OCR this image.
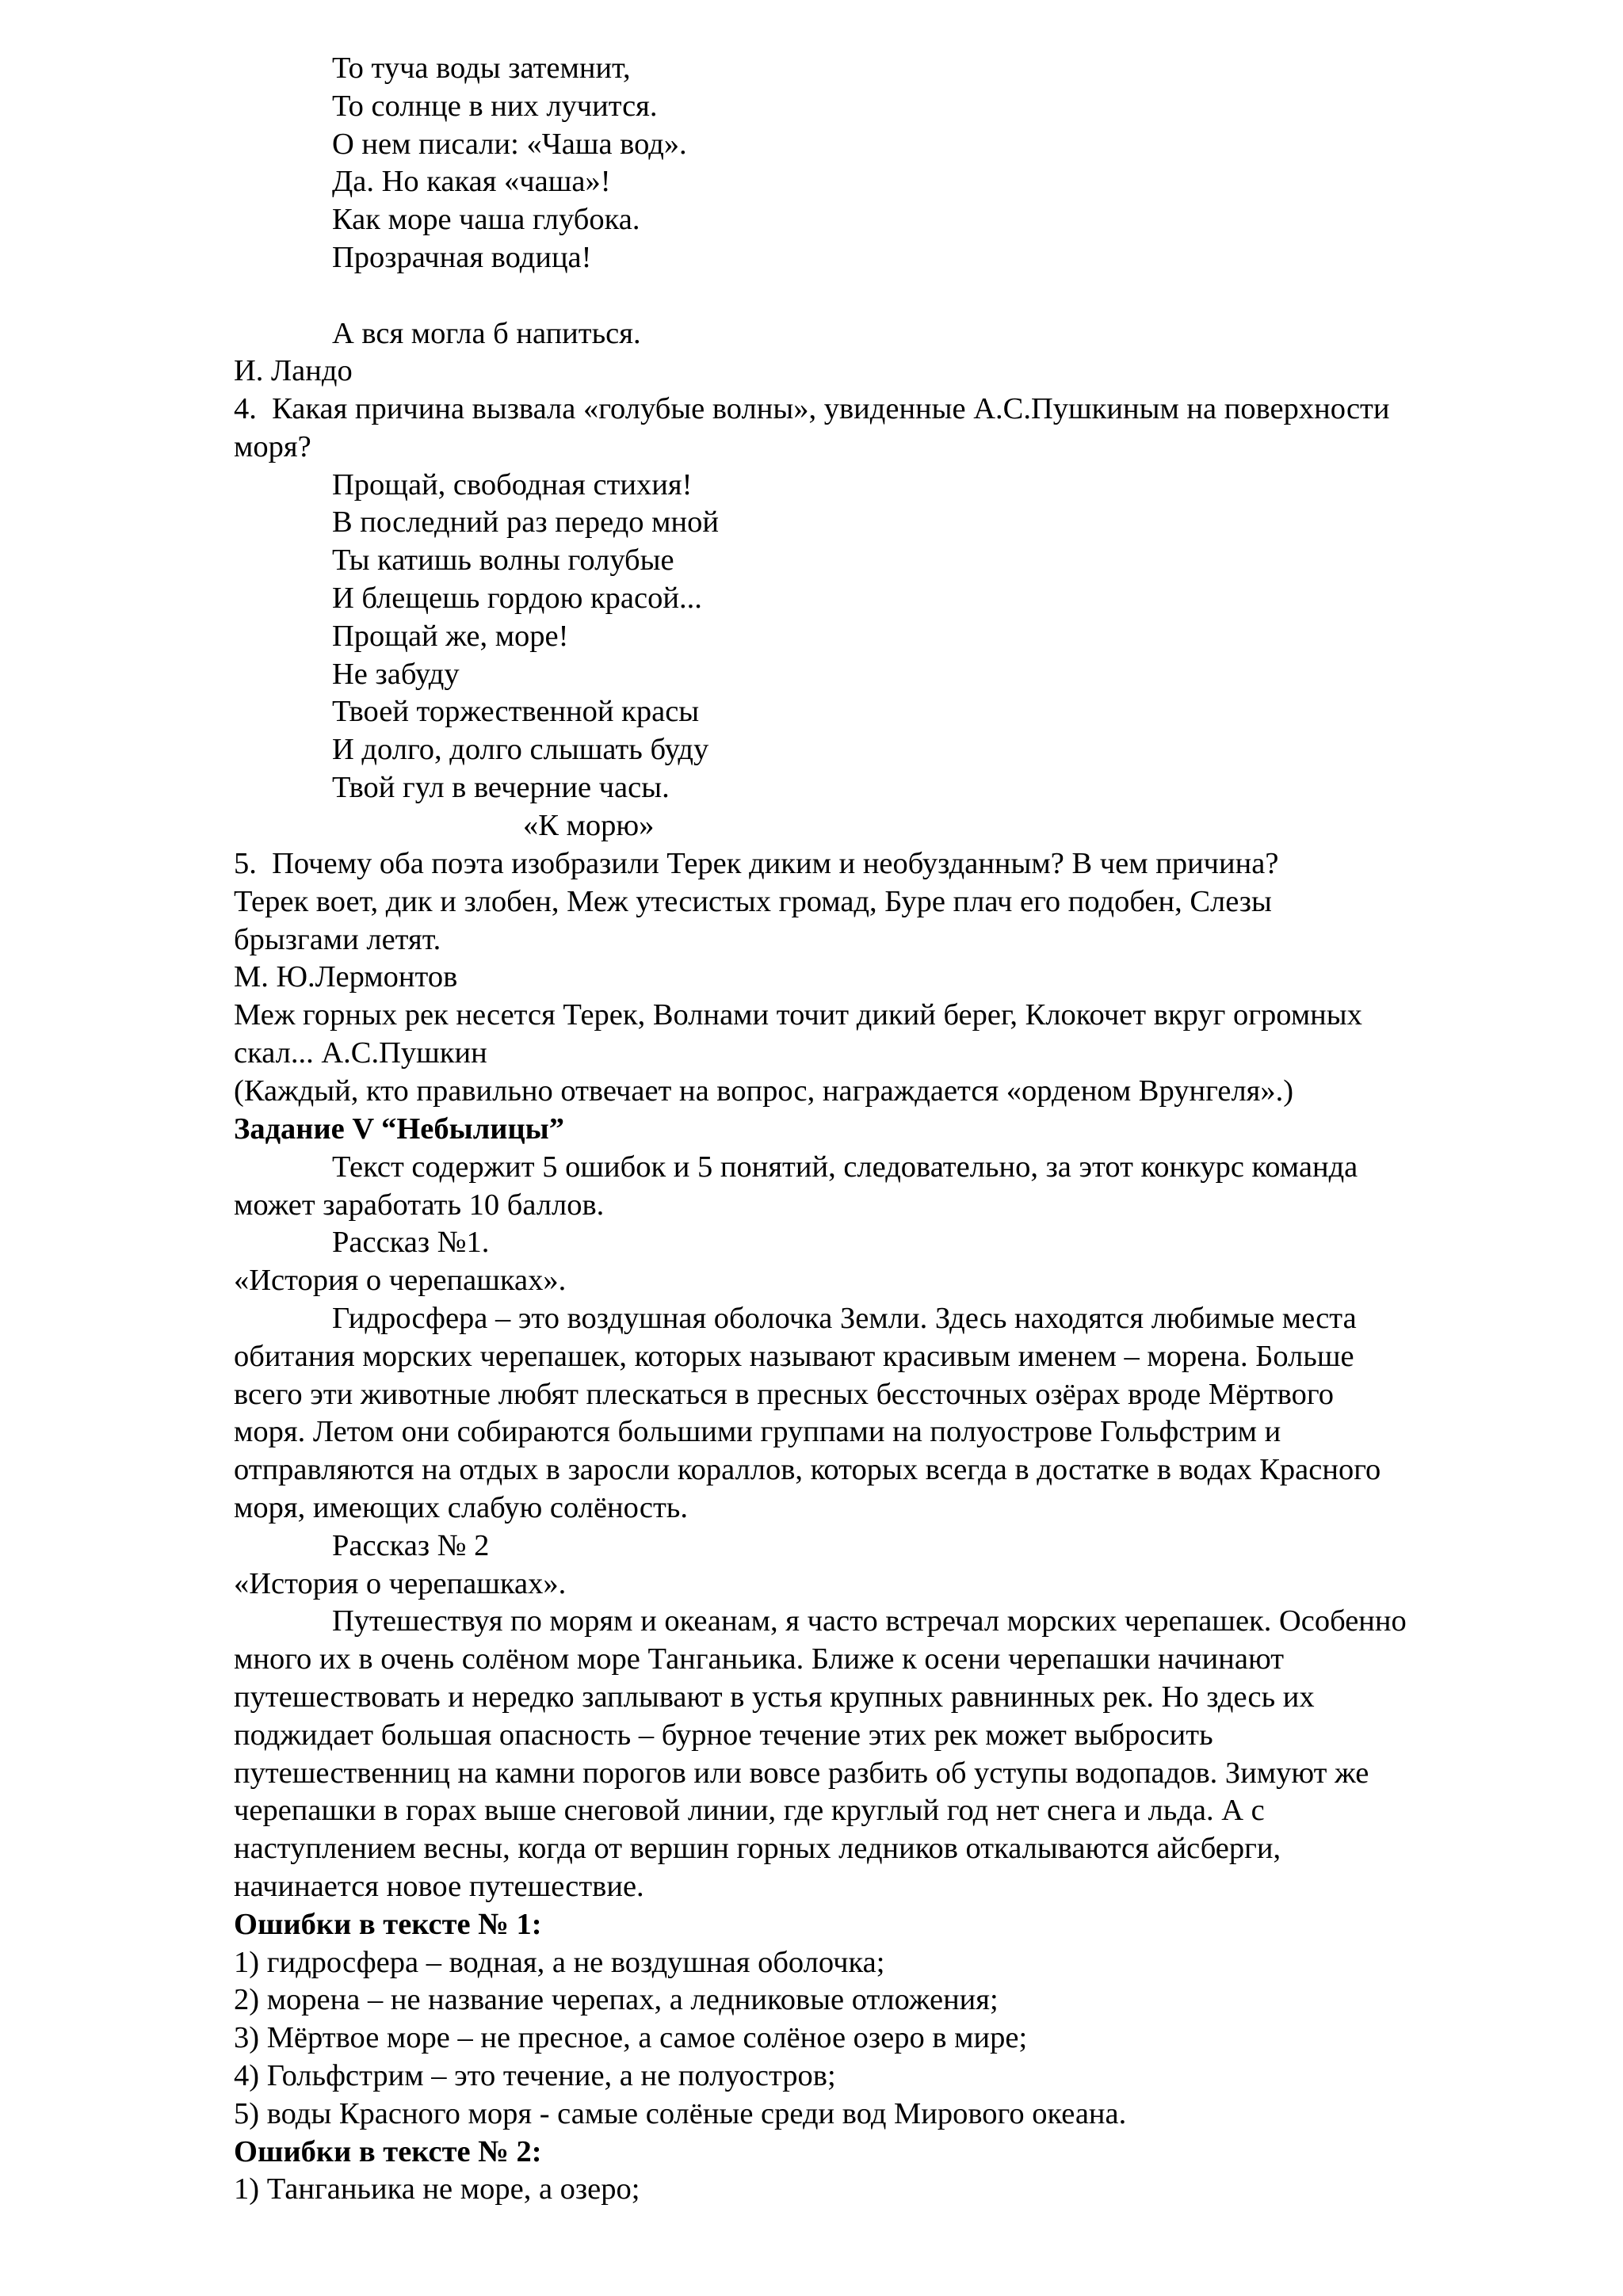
То туча воды затемнит,
То солнце в них лучится.
О нем писали: «Чаша вод».
Да. Но какая «чаша»!
Как море чаша глубока.
Прозрачная водица!
А вся могла б напиться.
И. Ландо
4.  Какая причина вызвала «голубые волны», увиденные А.С.Пушкиным на поверхности
моря?
Прощай, свободная стихия!
В последний раз передо мной
Ты катишь волны голубые
И блещешь гордою красой...
Прощай же, море!
Не забуду
Твоей торжественной красы
И долго, долго слышать буду
Твой гул в вечерние часы.
«К морю»
5.  Почему оба поэта изобразили Терек диким и необузданным? В чем причина?
Терек воет, дик и злобен, Меж утесистых громад, Буре плач его подобен, Слезы
брызгами летят.
М. Ю.Лермонтов
Меж горных рек несется Терек, Волнами точит дикий берег, Клокочет вкруг огромных
скал... А.С.Пушкин
(Каждый, кто правильно отвечает на вопрос, награждается «орденом Врунгеля».)
Задание V “Небылицы”
Текст содержит 5 ошибок и 5 понятий, следовательно, за этот конкурс команда
может заработать 10 баллов.
Рассказ №1.
«История о черепашках».
Гидросфера – это воздушная оболочка Земли. Здесь находятся любимые места
обитания морских черепашек, которых называют красивым именем – морена. Больше
всего эти животные любят плескаться в пресных бессточных озёрах вроде Мёртвого
моря. Летом они собираются большими группами на полуострове Гольфстрим и
отправляются на отдых в заросли кораллов, которых всегда в достатке в водах Красного
моря, имеющих слабую солёность.
Рассказ № 2
«История о черепашках».
Путешествуя по морям и океанам, я часто встречал морских черепашек. Особенно
много их в очень солёном море Танганьика. Ближе к осени черепашки начинают
путешествовать и нередко заплывают в устья крупных равнинных рек. Но здесь их
поджидает большая опасность – бурное течение этих рек может выбросить
путешественниц на камни порогов или вовсе разбить об уступы водопадов. Зимуют же
черепашки в горах выше снеговой линии, где круглый год нет снега и льда. А с
наступлением весны, когда от вершин горных ледников откалываются айсберги,
начинается новое путешествие.
Ошибки в тексте № 1:
1) гидросфера – водная, а не воздушная оболочка;
2) морена – не название черепах, а ледниковые отложения;
3) Мёртвое море – не пресное, а самое солёное озеро в мире;
4) Гольфстрим – это течение, а не полуостров;
5) воды Красного моря - самые солёные среди вод Мирового океана.
Ошибки в тексте № 2:
1) Танганьика не море, а озеро;
